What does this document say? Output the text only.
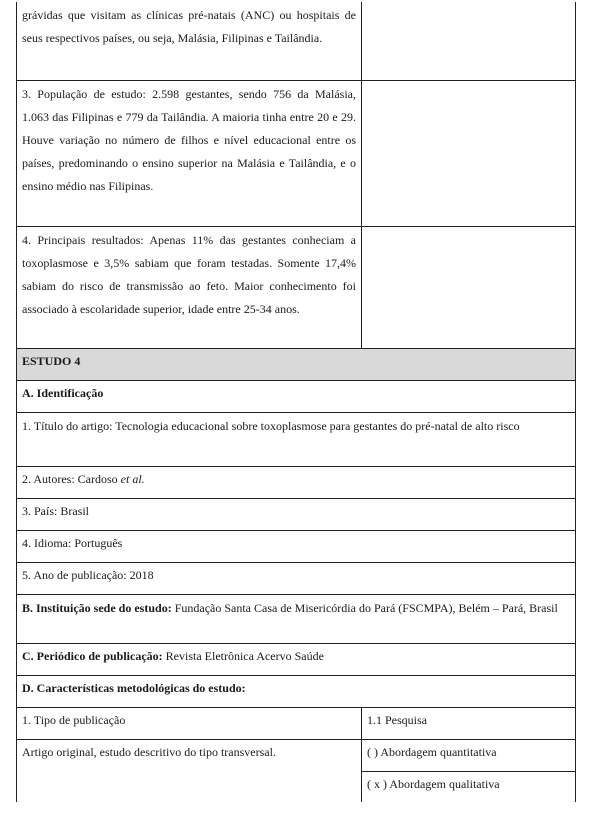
grávidas que visitam as clínicas pré-natais (ANC) ou hospitais de seus respectivos países, ou seja, Malásia, Filipinas e Tailândia.	
3. População de estudo: 2.598 gestantes, sendo 756 da Malásia, 1.063 das Filipinas e 779 da Tailândia. A maioria tinha entre 20 e 29. Houve variação no número de filhos e nível educacional entre os países, predominando o ensino superior na Malásia e Tailândia, e o ensino médio nas Filipinas.	
4. Principais resultados: Apenas 11% das gestantes conheciam a toxoplasmose e 3,5% sabiam que foram testadas. Somente 17,4% sabiam do risco de transmissão ao feto. Maior conhecimento foi associado à escolaridade superior, idade entre 25-34 anos.	
ESTUDO 4	
A. Identificação	
1. Título do artigo: Tecnologia educacional sobre toxoplasmose para gestantes do pré-natal de alto risco	
2. Autores: Cardoso et al.	
3. País: Brasil	
4. Idioma: Português	
5. Ano de publicação: 2018	
B. Instituição sede do estudo: Fundação Santa Casa de Misericórdia do Pará (FSCMPA), Belém – Pará, Brasil	
C. Periódico de publicação: Revista Eletrônica Acervo Saúde	
D. Características metodológicas do estudo:	
1. Tipo de publicação	1.1 Pesquisa
Artigo original, estudo descritivo do tipo transversal.	( ) Abordagem quantitativa
	( x ) Abordagem qualitativa
